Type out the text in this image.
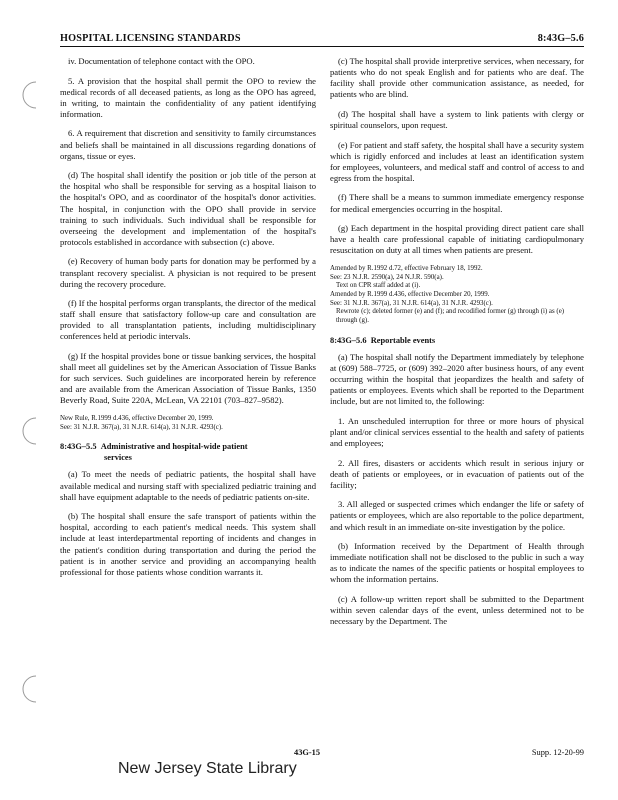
HOSPITAL LICENSING STANDARDS	8:43G–5.6

iv. Documentation of telephone contact with the OPO.

5. A provision that the hospital shall permit the OPO to review the medical records of all deceased patients, as long as the OPO has agreed, in writing, to maintain the confidentiality of any patient identifying information.

6. A requirement that discretion and sensitivity to family circumstances and beliefs shall be maintained in all discussions regarding donations of organs, tissue or eyes.

(d) The hospital shall identify the position or job title of the person at the hospital who shall be responsible for serving as a hospital liaison to the hospital's OPO, and as coordinator of the hospital's donor activities. The hospital, in conjunction with the OPO shall provide in service training to such individuals. Such individual shall be responsible for overseeing the development and implementation of the hospital's protocols established in accordance with subsection (c) above.

(e) Recovery of human body parts for donation may be performed by a transplant recovery specialist. A physician is not required to be present during the recovery procedure.

(f) If the hospital performs organ transplants, the director of the medical staff shall ensure that satisfactory follow-up care and consultation are provided to all transplantation patients, including multidisciplinary conferences held at periodic intervals.

(g) If the hospital provides bone or tissue banking services, the hospital shall meet all guidelines set by the American Association of Tissue Banks for such services. Such guidelines are incorporated herein by reference and are available from the American Association of Tissue Banks, 1350 Beverly Road, Suite 220A, McLean, VA 22101 (703–827–9582).

New Rule, R.1999 d.436, effective December 20, 1999.

See: 31 N.J.R. 367(a), 31 N.J.R. 614(a), 31 N.J.R. 4293(c).

8:43G–5.5 Administrative and hospital-wide patient
services

(a) To meet the needs of pediatric patients, the hospital shall have available medical and nursing staff with specialized pediatric training and shall have equipment adaptable to the needs of pediatric patients on-site.

(b) The hospital shall ensure the safe transport of patients within the hospital, according to each patient's medical needs. This system shall include at least interdepartmental reporting of incidents and changes in the patient's condition during transportation and during the period the patient is in another service and providing an accompanying health professional for those patients whose condition warrants it.

(c) The hospital shall provide interpretive services, when necessary, for patients who do not speak English and for patients who are deaf. The facility shall provide other communication assistance, as needed, for patients who are blind.

(d) The hospital shall have a system to link patients with clergy or spiritual counselors, upon request.

(e) For patient and staff safety, the hospital shall have a security system which is rigidly enforced and includes at least an identification system for employees, volunteers, and medical staff and control of access to and egress from the hospital.

(f) There shall be a means to summon immediate emergency response for medical emergencies occurring in the hospital.

(g) Each department in the hospital providing direct patient care shall have a health care professional capable of initiating cardiopulmonary resuscitation on duty at all times when patients are present.

Amended by R.1992 d.72, effective February 18, 1992.

See: 23 N.J.R. 2590(a), 24 N.J.R. 590(a).

Text on CPR staff added at (i).

Amended by R.1999 d.436, effective December 20, 1999.

See: 31 N.J.R. 367(a), 31 N.J.R. 614(a), 31 N.J.R. 4293(c).

Rewrote (c); deleted former (e) and (f); and recodified former (g) through (i) as (e) through (g).

8:43G–5.6 Reportable events

(a) The hospital shall notify the Department immediately by telephone at (609) 588–7725, or (609) 392–2020 after business hours, of any event occurring within the hospital that jeopardizes the health and safety of patients or employees. Events which shall be reported to the Department include, but are not limited to, the following:

1. An unscheduled interruption for three or more hours of physical plant and/or clinical services essential to the health and safety of patients and employees;

2. All fires, disasters or accidents which result in serious injury or death of patients or employees, or in evacuation of patients out of the facility;

3. All alleged or suspected crimes which endanger the life or safety of patients or employees, which are also reportable to the police department, and which result in an immediate on-site investigation by the police.

(b) Information received by the Department of Health through immediate notification shall not be disclosed to the public in such a way as to indicate the names of the specific patients or hospital employees to whom the information pertains.

(c) A follow-up written report shall be submitted to the Department within seven calendar days of the event, unless determined not to be necessary by the Department. The

43G-15	Supp. 12-20-99
New Jersey State Library
